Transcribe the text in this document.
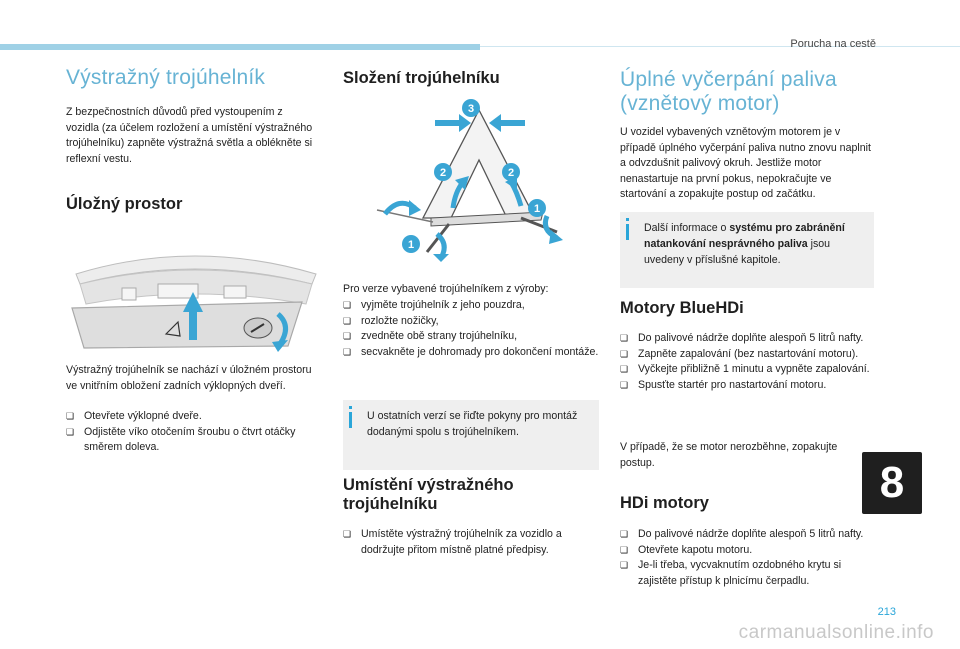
Porucha na cestě
Výstražný trojúhelník

Z bezpečnostních důvodů před vystoupením z vozidla (za účelem rozložení a umístění výstražného trojúhelníku) zapněte výstražná světla a oblékněte si reflexní vestu.

Úložný prostor

Výstražný trojúhelník se nachází v úložném prostoru ve vnitřním obložení zadních výklopných dveří.

❏ Otevřete výklopné dveře.
❏ Odjistěte víko otočením šroubu o čtvrt otáčky směrem doleva.
Složení trojúhelníku
3
2	2
1
1

Pro verze vybavené trojúhelníkem z výroby:

❏ vyjměte trojúhelník z jeho pouzdra,
❏ rozložte nožičky,
❏ zvedněte obě strany trojúhelníku,
❏ secvakněte je dohromady pro dokončení montáže.
U ostatních verzí se řiďte pokyny pro montáž dodanými spolu s trojúhelníkem.
Umístění výstražného trojúhelníku
❏ Umístěte výstražný trojúhelník za vozidlo a dodržujte přitom místně platné předpisy.
Úplné vyčerpání paliva (vznětový motor)

U vozidel vybavených vznětovým motorem je v případě úplného vyčerpání paliva nutno znovu naplnit a odvzdušnit palivový okruh. Jestliže motor nenastartuje na první pokus, nepokračujte ve startování a zopakujte postup od začátku.

Další informace o systému pro zabránění natankování nesprávného paliva jsou uvedeny v příslušné kapitole.
Motory BlueHDi
❏ Do palivové nádrže doplňte alespoň 5 litrů nafty.
❏ Zapněte zapalování (bez nastartování motoru).
❏ Vyčkejte přibližně 1 minutu a vypněte zapalování.
❏ Spusťte startér pro nastartování motoru.

V případě, že se motor nerozběhne, zopakujte postup.

HDi motory
❏ Do palivové nádrže doplňte alespoň 5 litrů nafty.
❏ Otevřete kapotu motoru.
❏ Je-li třeba, vycvaknutím ozdobného krytu si zajistěte přístup k plnicímu čerpadlu.
8
213
carmanualsonline.info
